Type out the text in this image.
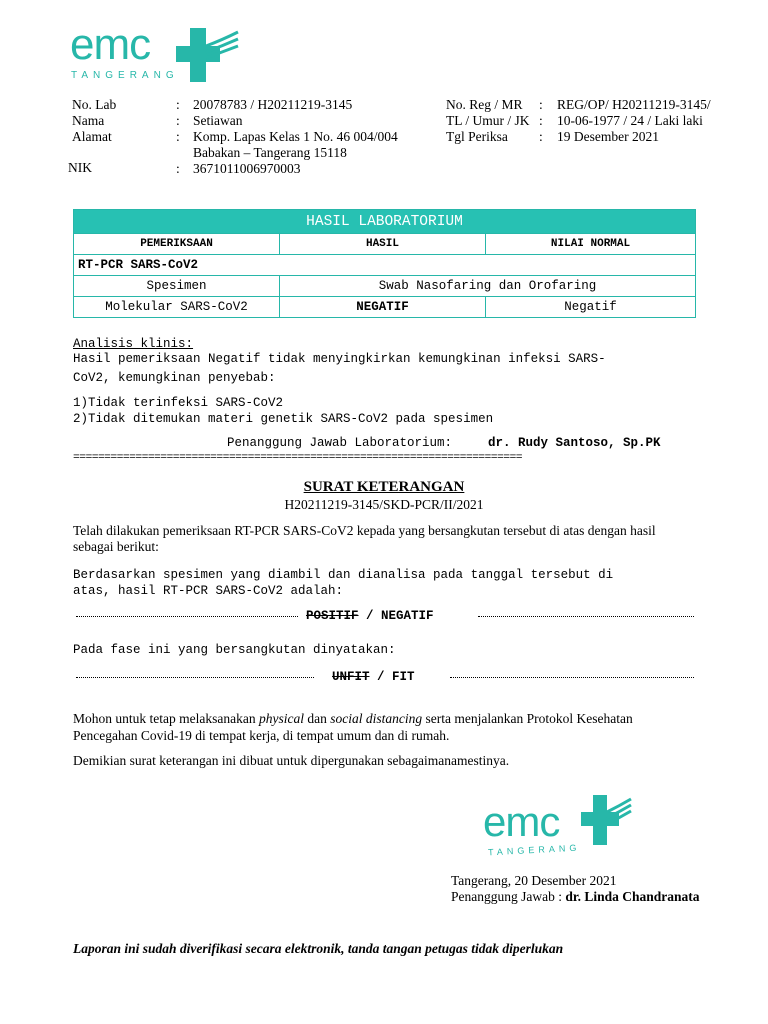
emc
TANGERANG
No. Lab	: 20078783 / H20211219-3145
Nama	: Setiawan
Alamat	: Komp. Lapas Kelas 1 No. 46 004/004
Babakan – Tangerang 15118
NIK	: 3671011006970003
No. Reg / MR : REG/OP/ H20211219-3145/
TL / Umur / JK : 10-06-1977 / 24 / Laki laki
Tgl Periksa : 19 Desember 2021
HASIL LABORATORIUM		
PEMERIKSAAN	HASIL	NILAI NORMAL
RT-PCR SARS-CoV2		
Spesimen	Swab Nasofaring dan Orofaring	
Molekular SARS-CoV2	NEGATIF	Negatif
Analisis klinis:
Hasil pemeriksaan Negatif tidak menyingkirkan kemungkinan infeksi SARS-
CoV2, kemungkinan penyebab:
1)Tidak terinfeksi SARS-CoV2
2)Tidak ditemukan materi genetik SARS-CoV2 pada spesimen
Penanggung Jawab Laboratorium:	dr. Rudy Santoso, Sp.PK
========================================================================
SURAT KETERANGAN
H20211219-3145/SKD-PCR/II/2021
Telah dilakukan pemeriksaan RT-PCR SARS-CoV2 kepada yang bersangkutan tersebut di atas dengan hasil
sebagai berikut:
Berdasarkan spesimen yang diambil dan dianalisa pada tanggal tersebut di
atas, hasil RT-PCR SARS-CoV2 adalah:
POSITIF / NEGATIF
Pada fase ini yang bersangkutan dinyatakan:
UNFIT / FIT
Mohon untuk tetap melaksanakan physical dan social distancing serta menjalankan Protokol Kesehatan
Pencegahan Covid-19 di tempat kerja, di tempat umum dan di rumah.
Demikian surat keterangan ini dibuat untuk dipergunakan sebagaimanamestinya.
emc
TANGERANG
Tangerang, 20 Desember 2021
Penanggung Jawab : dr. Linda Chandranata
Laporan ini sudah diverifikasi secara elektronik, tanda tangan petugas tidak diperlukan
